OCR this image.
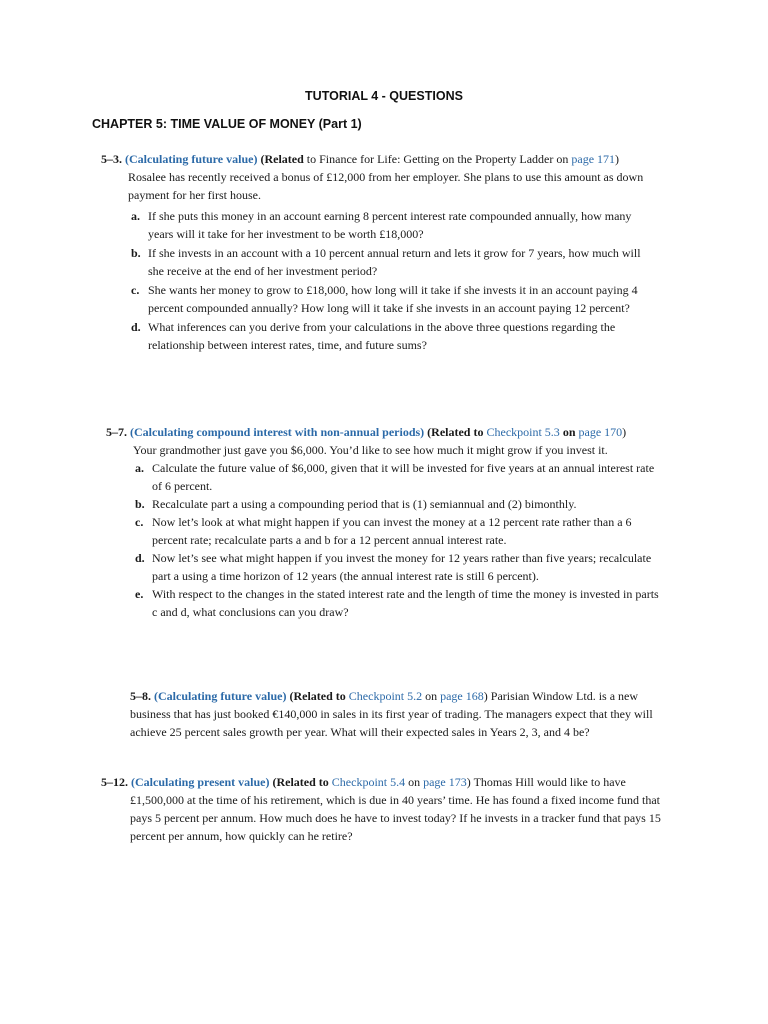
TUTORIAL 4 - QUESTIONS
CHAPTER 5: TIME VALUE OF MONEY (Part 1)
5–3. (Calculating future value) (Related to Finance for Life: Getting on the Property Ladder on page 171)

Rosalee has recently received a bonus of £12,000 from her employer. She plans to use this amount as down payment for her first house.

a. If she puts this money in an account earning 8 percent interest rate compounded annually, how many years will it take for her investment to be worth £18,000?
b. If she invests in an account with a 10 percent annual return and lets it grow for 7 years, how much will she receive at the end of her investment period?
c. She wants her money to grow to £18,000, how long will it take if she invests it in an account paying 4 percent compounded annually? How long will it take if she invests in an account paying 12 percent?
d. What inferences can you derive from your calculations in the above three questions regarding the relationship between interest rates, time, and future sums?
5–7. (Calculating compound interest with non-annual periods) (Related to Checkpoint 5.3 on page 170)

Your grandmother just gave you $6,000. You’d like to see how much it might grow if you invest it.

a. Calculate the future value of $6,000, given that it will be invested for five years at an annual interest rate of 6 percent.
b. Recalculate part a using a compounding period that is (1) semiannual and (2) bimonthly.
c. Now let’s look at what might happen if you can invest the money at a 12 percent rate rather than a 6 percent rate; recalculate parts a and b for a 12 percent annual interest rate.
d. Now let’s see what might happen if you invest the money for 12 years rather than five years; recalculate part a using a time horizon of 12 years (the annual interest rate is still 6 percent).
e. With respect to the changes in the stated interest rate and the length of time the money is invested in parts c and d, what conclusions can you draw?
5–8. (Calculating future value) (Related to Checkpoint 5.2 on page 168) Parisian Window Ltd. is a new business that has just booked €140,000 in sales in its first year of trading. The managers expect that they will achieve 25 percent sales growth per year. What will their expected sales in Years 2, 3, and 4 be?
5–12. (Calculating present value) (Related to Checkpoint 5.4 on page 173) Thomas Hill would like to have £1,500,000 at the time of his retirement, which is due in 40 years’ time. He has found a fixed income fund that pays 5 percent per annum. How much does he have to invest today? If he invests in a tracker fund that pays 15 percent per annum, how quickly can he retire?
